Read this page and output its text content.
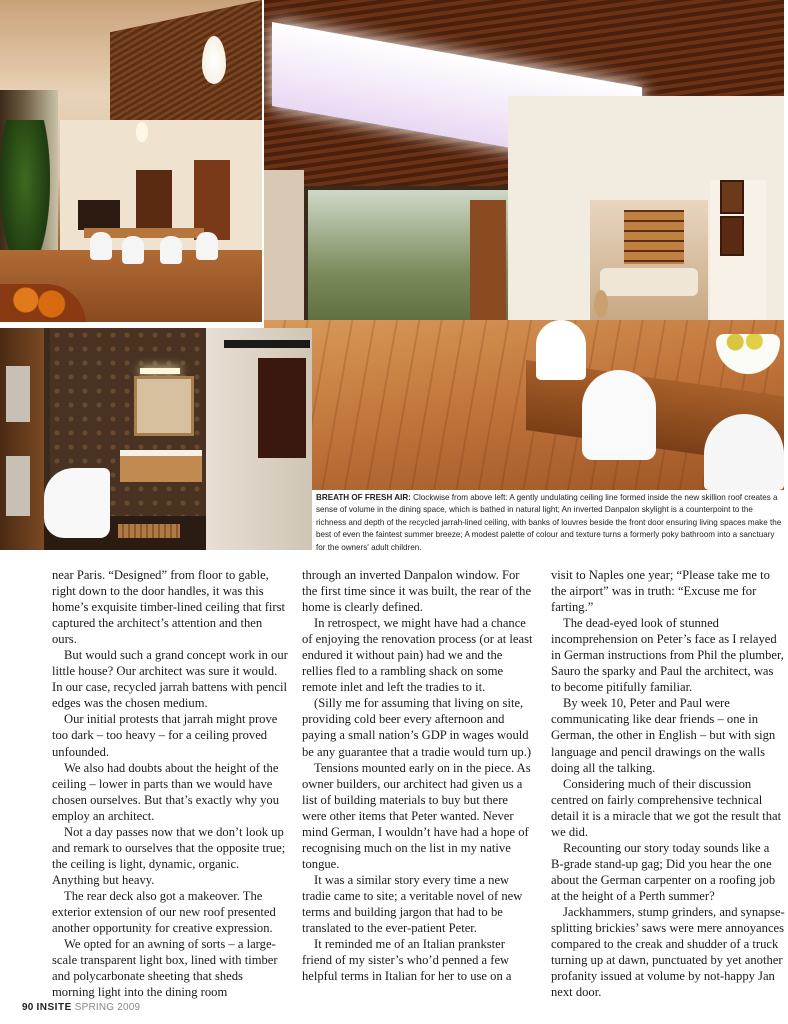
BREATH OF FRESH AIR: Clockwise from above left: A gently undulating ceiling line formed inside the new skillion roof creates a sense of volume in the dining space, which is bathed in natural light; An inverted Danpalon skylight is a counterpoint to the richness and depth of the recycled jarrah-lined ceiling, with banks of louvres beside the front door ensuring living spaces make the best of even the faintest summer breeze; A modest palette of colour and texture turns a formerly poky bathroom into a sanctuary for the owners' adult children.

near Paris. “Designed” from floor to gable, right down to the door handles, it was this home’s exquisite timber-lined ceiling that first captured the architect’s attention and then ours.

But would such a grand concept work in our little house? Our architect was sure it would. In our case, recycled jarrah battens with pencil edges was the chosen medium.

Our initial protests that jarrah might prove too dark – too heavy – for a ceiling proved unfounded.

We also had doubts about the height of the ceiling – lower in parts than we would have chosen ourselves. But that’s exactly why you employ an architect.

Not a day passes now that we don’t look up and remark to ourselves that the opposite true; the ceiling is light, dynamic, organic. Anything but heavy.

The rear deck also got a makeover. The exterior extension of our new roof presented another opportunity for creative expression.

We opted for an awning of sorts – a large-scale transparent light box, lined with timber and polycarbonate sheeting that sheds morning light into the dining room

through an inverted Danpalon window. For the first time since it was built, the rear of the home is clearly defined.

In retrospect, we might have had a chance of enjoying the renovation process (or at least endured it without pain) had we and the rellies fled to a rambling shack on some remote inlet and left the tradies to it.

(Silly me for assuming that living on site, providing cold beer every afternoon and paying a small nation’s GDP in wages would be any guarantee that a tradie would turn up.)

Tensions mounted early on in the piece. As owner builders, our architect had given us a list of building materials to buy but there were other items that Peter wanted. Never mind German, I wouldn’t have had a hope of recognising much on the list in my native tongue.

It was a similar story every time a new tradie came to site; a veritable novel of new terms and building jargon that had to be translated to the ever-patient Peter.

It reminded me of an Italian prankster friend of my sister’s who’d penned a few helpful terms in Italian for her to use on a

visit to Naples one year; “Please take me to the airport” was in truth: “Excuse me for farting.”

The dead-eyed look of stunned incomprehension on Peter’s face as I relayed in German instructions from Phil the plumber, Sauro the sparky and Paul the architect, was to become pitifully familiar.

By week 10, Peter and Paul were communicating like dear friends – one in German, the other in English – but with sign language and pencil drawings on the walls doing all the talking.

Considering much of their discussion centred on fairly comprehensive technical detail it is a miracle that we got the result that we did.

Recounting our story today sounds like a B-grade stand-up gag; Did you hear the one about the German carpenter on a roofing job at the height of a Perth summer?

Jackhammers, stump grinders, and synapse-splitting brickies’ saws were mere annoyances compared to the creak and shudder of a truck turning up at dawn, punctuated by yet another profanity issued at volume by not-happy Jan next door.

90 INSITE SPRING 2009
